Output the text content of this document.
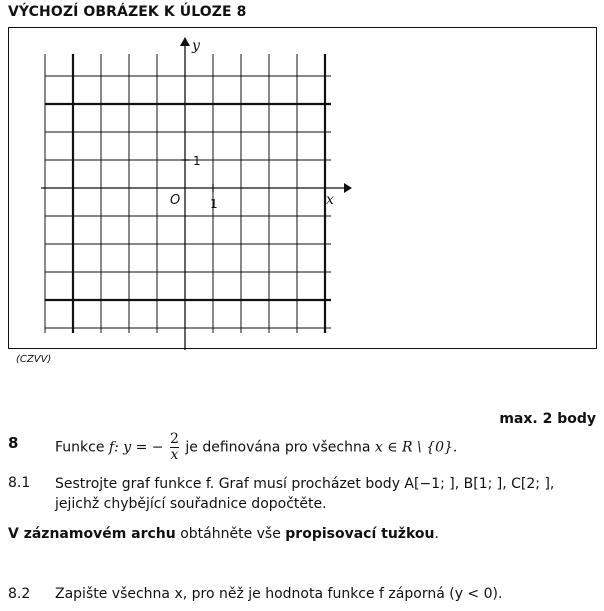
VÝCHOZÍ OBRÁZEK K ÚLOZE 8
y
x
O 1
1
(CZVV)
max. 2 body
8	Funkce f: y = − $\frac{2}{x}$ je definována pro všechna x ∈ R \ {0}.
8.1 Sestrojte graf funkce f. Graf musí procházet body A[−1; ], B[1; ], C[2; ],
jejichž chybějící souřadnice dopočtěte.
V záznamovém archu obtáhněte vše propisovací tužkou.
8.2 Zapište všechna x, pro něž je hodnota funkce f záporná (y < 0).
